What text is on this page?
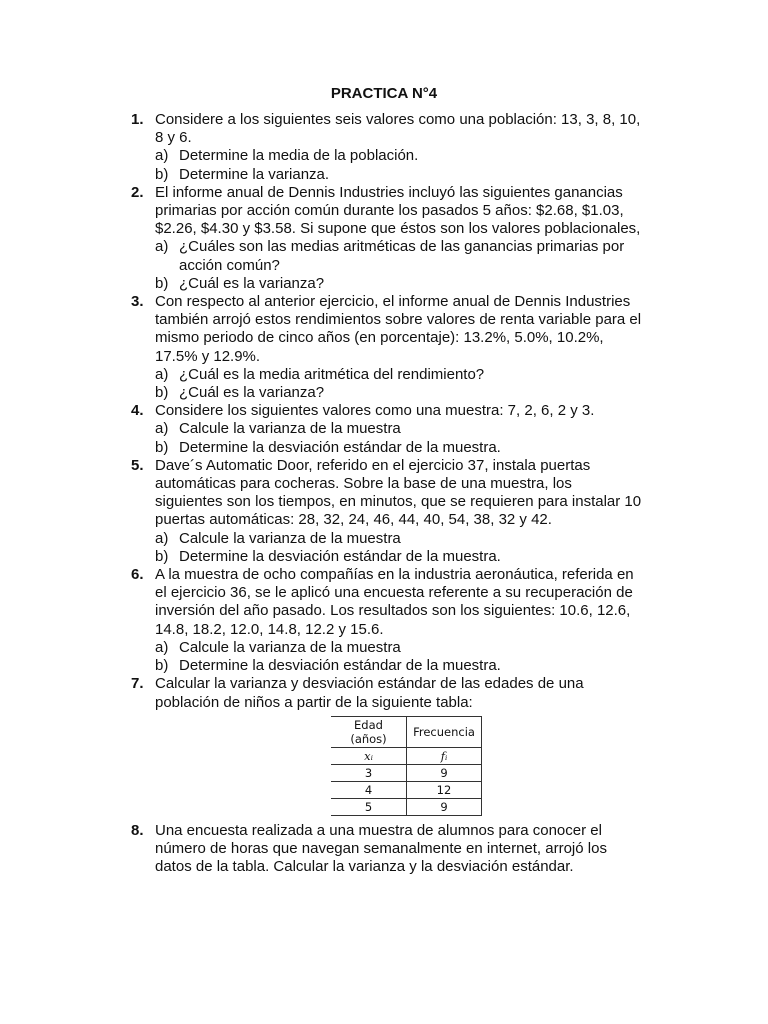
PRACTICA N°4
1. Considere a los siguientes seis valores como una población: 13, 3, 8, 10,
8 y 6.
a) Determine la media de la población.
b) Determine la varianza.
2. El informe anual de Dennis Industries incluyó las siguientes ganancias
primarias por acción común durante los pasados 5 años: $2.68, $1.03,
$2.26, $4.30 y $3.58. Si supone que éstos son los valores poblacionales,
a) ¿Cuáles son las medias aritméticas de las ganancias primarias por
acción común?
b) ¿Cuál es la varianza?
3. Con respecto al anterior ejercicio, el informe anual de Dennis Industries
también arrojó estos rendimientos sobre valores de renta variable para el
mismo periodo de cinco años (en porcentaje): 13.2%, 5.0%, 10.2%,
17.5% y 12.9%.
a) ¿Cuál es la media aritmética del rendimiento?
b) ¿Cuál es la varianza?
4. Considere los siguientes valores como una muestra: 7, 2, 6, 2 y 3.
a) Calcule la varianza de la muestra
b) Determine la desviación estándar de la muestra.
5. Dave´s Automatic Door, referido en el ejercicio 37, instala puertas
automáticas para cocheras. Sobre la base de una muestra, los
siguientes son los tiempos, en minutos, que se requieren para instalar 10
puertas automáticas: 28, 32, 24, 46, 44, 40, 54, 38, 32 y 42.
a) Calcule la varianza de la muestra
b) Determine la desviación estándar de la muestra.
6. A la muestra de ocho compañías en la industria aeronáutica, referida en
el ejercicio 36, se le aplicó una encuesta referente a su recuperación de
inversión del año pasado. Los resultados son los siguientes: 10.6, 12.6,
14.8, 18.2, 12.0, 14.8, 12.2 y 15.6.
a) Calcule la varianza de la muestra
b) Determine la desviación estándar de la muestra.
7. Calcular la varianza y desviación estándar de las edades de una
población de niños a partir de la siguiente tabla:
Edad (años)	Frecuencia
xᵢ	fᵢ
3	9
4	12
5	9
8. Una encuesta realizada a una muestra de alumnos para conocer el
número de horas que navegan semanalmente en internet, arrojó los
datos de la tabla. Calcular la varianza y la desviación estándar.
